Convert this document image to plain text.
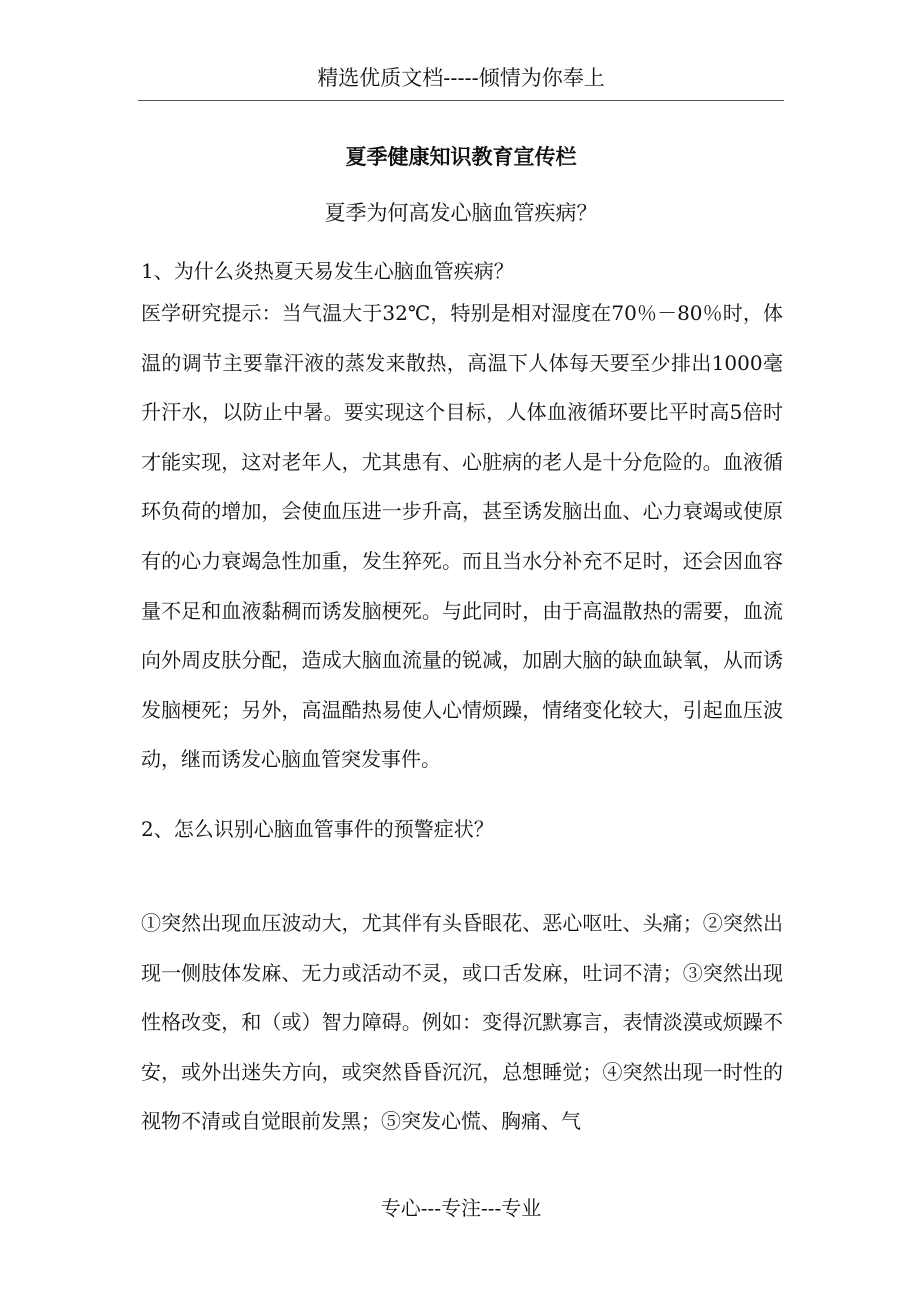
精选优质文档-----倾情为你奉上
夏季健康知识教育宣传栏
夏季为何高发心脑血管疾病？
1、为什么炎热夏天易发生心脑血管疾病？
医学研究提示：当气温大于32℃，特别是相对湿度在70％－80％时，体温的调节主要靠汗液的蒸发来散热，高温下人体每天要至少排出1000毫升汗水，以防止中暑。要实现这个目标，人体血液循环要比平时高5倍时才能实现，这对老年人，尤其患有、心脏病的老人是十分危险的。血液循环负荷的增加，会使血压进一步升高，甚至诱发脑出血、心力衰竭或使原有的心力衰竭急性加重，发生猝死。而且当水分补充不足时，还会因血容量不足和血液黏稠而诱发脑梗死。与此同时，由于高温散热的需要，血流向外周皮肤分配，造成大脑血流量的锐减，加剧大脑的缺血缺氧，从而诱发脑梗死；另外，高温酷热易使人心情烦躁，情绪变化较大，引起血压波动，继而诱发心脑血管突发事件。
2、怎么识别心脑血管事件的预警症状？
①突然出现血压波动大，尤其伴有头昏眼花、恶心呕吐、头痛；②突然出现一侧肢体发麻、无力或活动不灵，或口舌发麻，吐词不清；③突然出现性格改变，和（或）智力障碍。例如：变得沉默寡言，表情淡漠或烦躁不安，或外出迷失方向，或突然昏昏沉沉，总想睡觉；④突然出现一时性的视物不清或自觉眼前发黑；⑤突发心慌、胸痛、气
专心---专注---专业
